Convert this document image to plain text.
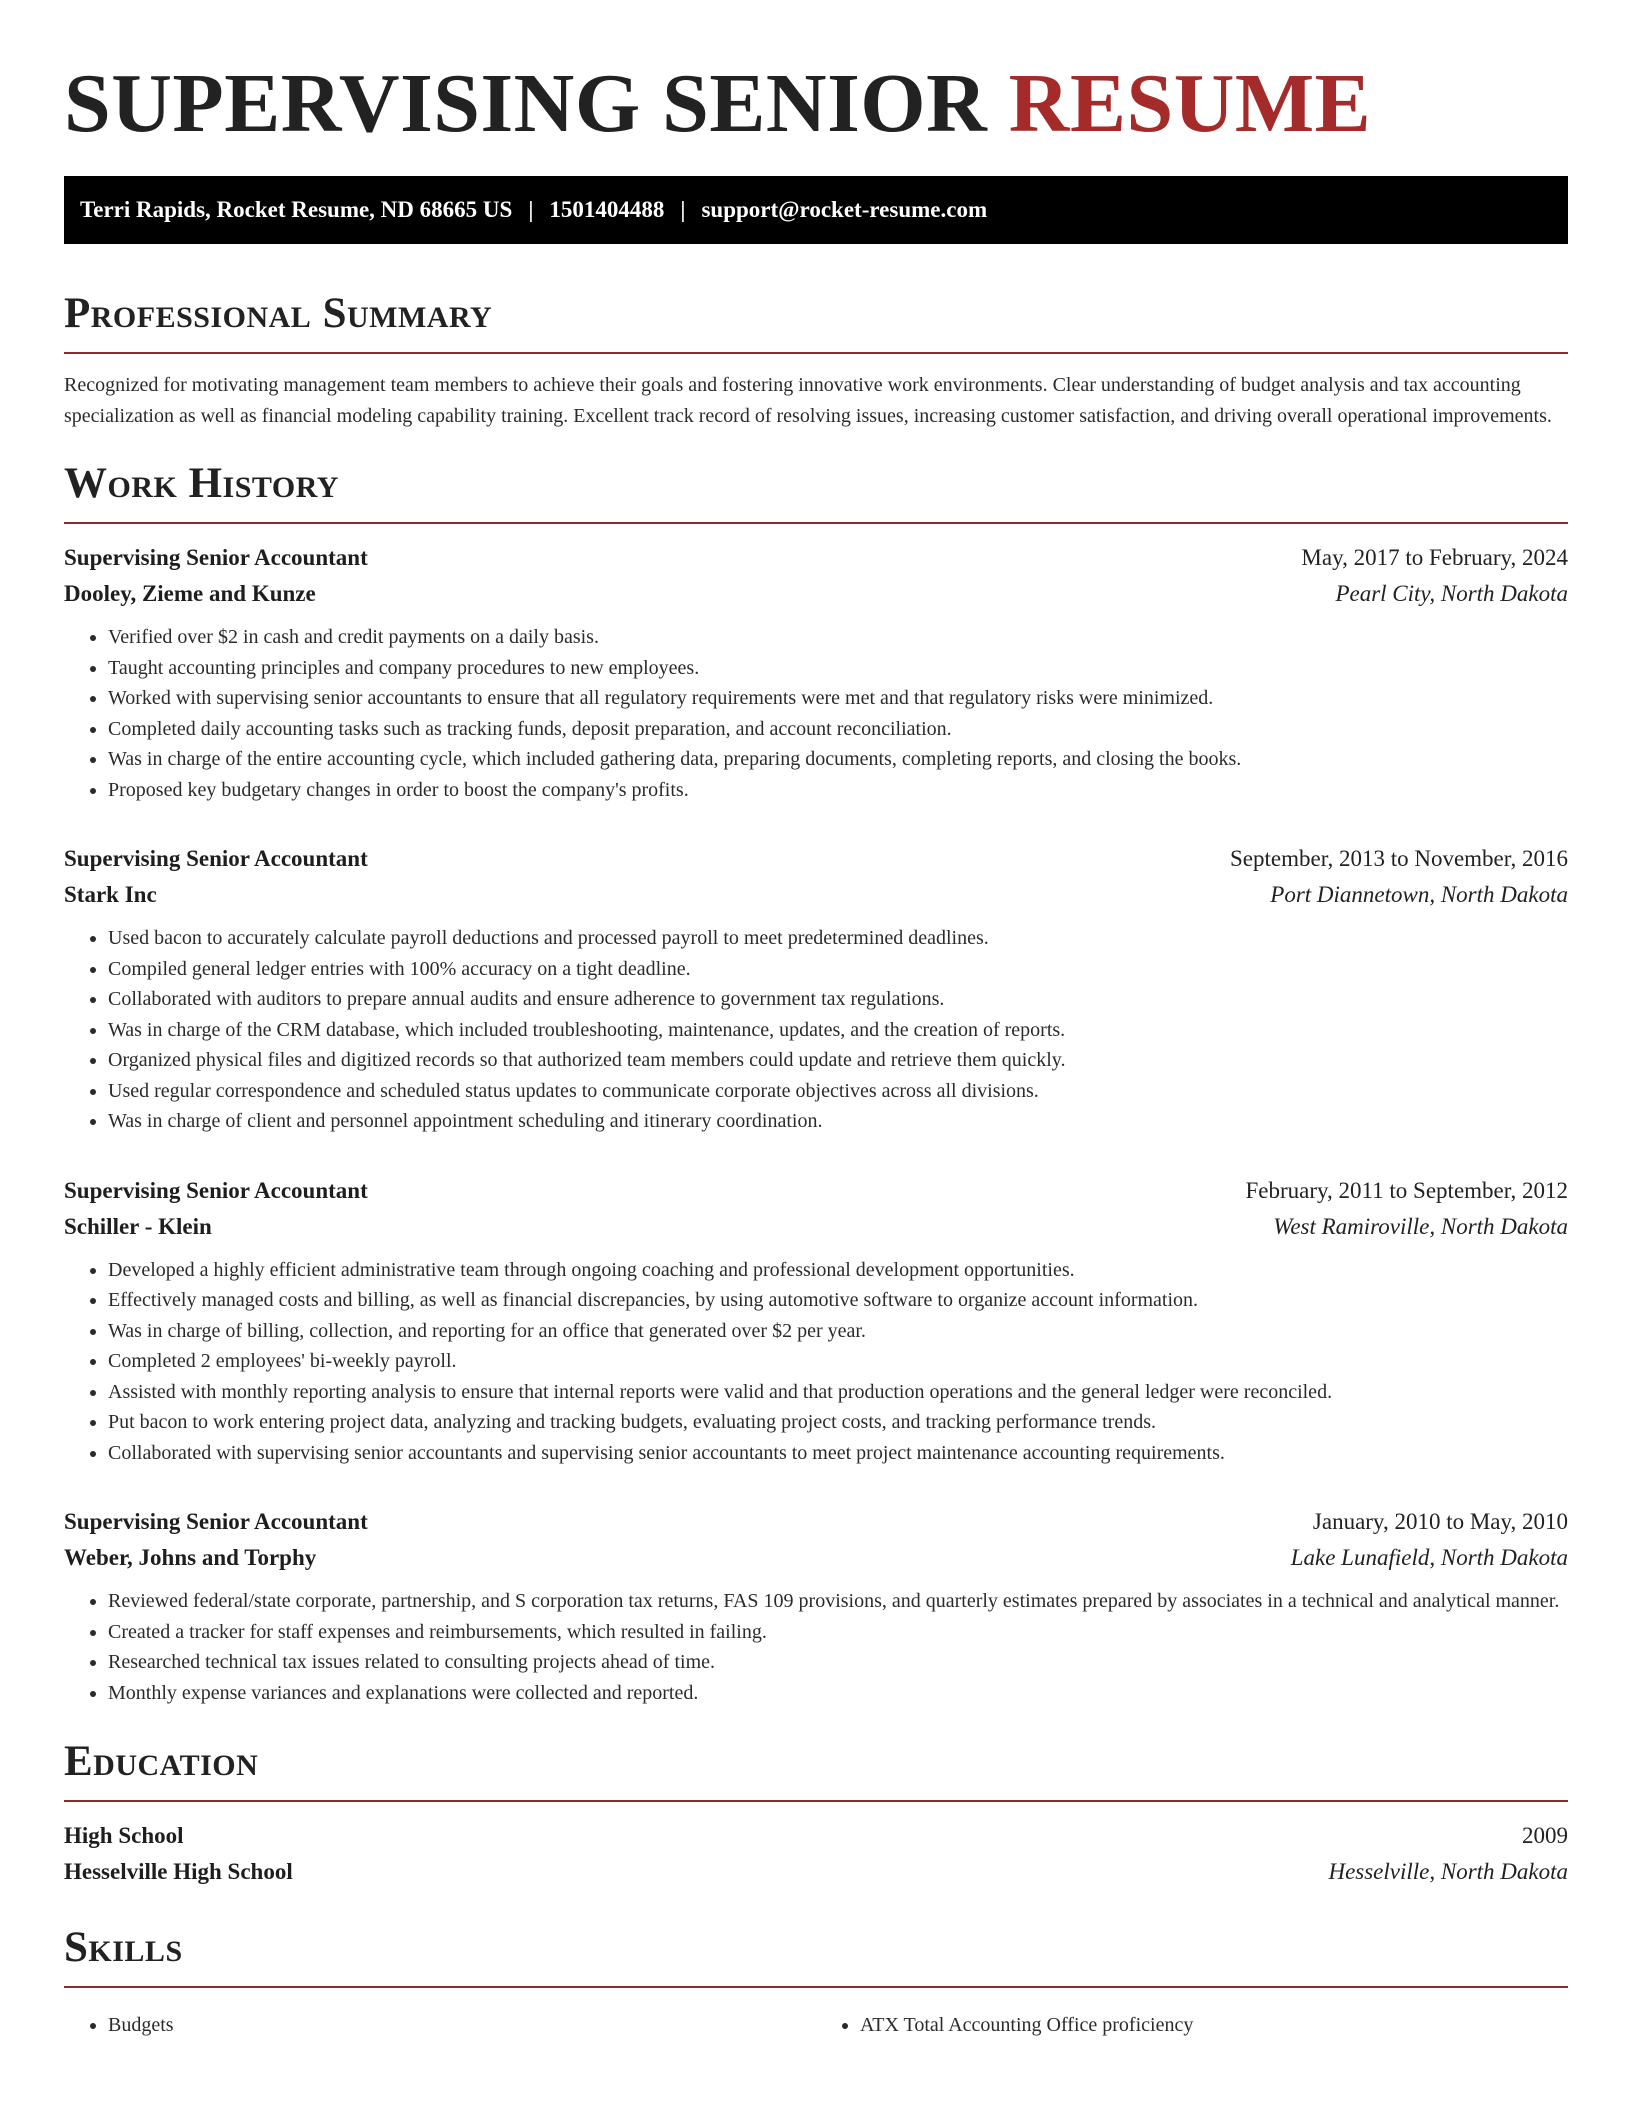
SUPERVISING SENIOR RESUME
Terri Rapids, Rocket Resume, ND 68665 US | 1501404488 | support@rocket-resume.com
Professional Summary

Recognized for motivating management team members to achieve their goals and fostering innovative work environments. Clear understanding of budget analysis and tax accounting specialization as well as financial modeling capability training. Excellent track record of resolving issues, increasing customer satisfaction, and driving overall operational improvements.

Work History
Supervising Senior Accountant	May, 2017 to February, 2024
Dooley, Zieme and Kunze	Pearl City, North Dakota
• Verified over $2 in cash and credit payments on a daily basis.
• Taught accounting principles and company procedures to new employees.
• Worked with supervising senior accountants to ensure that all regulatory requirements were met and that regulatory risks were minimized.
• Completed daily accounting tasks such as tracking funds, deposit preparation, and account reconciliation.
• Was in charge of the entire accounting cycle, which included gathering data, preparing documents, completing reports, and closing the books.
• Proposed key budgetary changes in order to boost the company's profits.
Supervising Senior Accountant	September, 2013 to November, 2016
Stark Inc	Port Diannetown, North Dakota
• Used bacon to accurately calculate payroll deductions and processed payroll to meet predetermined deadlines.
• Compiled general ledger entries with 100% accuracy on a tight deadline.
• Collaborated with auditors to prepare annual audits and ensure adherence to government tax regulations.
• Was in charge of the CRM database, which included troubleshooting, maintenance, updates, and the creation of reports.
• Organized physical files and digitized records so that authorized team members could update and retrieve them quickly.
• Used regular correspondence and scheduled status updates to communicate corporate objectives across all divisions.
• Was in charge of client and personnel appointment scheduling and itinerary coordination.
Supervising Senior Accountant	February, 2011 to September, 2012
Schiller - Klein	West Ramiroville, North Dakota
• Developed a highly efficient administrative team through ongoing coaching and professional development opportunities.
• Effectively managed costs and billing, as well as financial discrepancies, by using automotive software to organize account information.
• Was in charge of billing, collection, and reporting for an office that generated over $2 per year.
• Completed 2 employees' bi-weekly payroll.
• Assisted with monthly reporting analysis to ensure that internal reports were valid and that production operations and the general ledger were reconciled.
• Put bacon to work entering project data, analyzing and tracking budgets, evaluating project costs, and tracking performance trends.
• Collaborated with supervising senior accountants and supervising senior accountants to meet project maintenance accounting requirements.
Supervising Senior Accountant	January, 2010 to May, 2010
Weber, Johns and Torphy	Lake Lunafield, North Dakota
• Reviewed federal/state corporate, partnership, and S corporation tax returns, FAS 109 provisions, and quarterly estimates prepared by associates in a technical and analytical manner.
• Created a tracker for staff expenses and reimbursements, which resulted in failing.
• Researched technical tax issues related to consulting projects ahead of time.
• Monthly expense variances and explanations were collected and reported.
Education
High School	2009
Hesselville High School	Hesselville, North Dakota
Skills
• Budgets
•	ATX Total Accounting Office proficiency
